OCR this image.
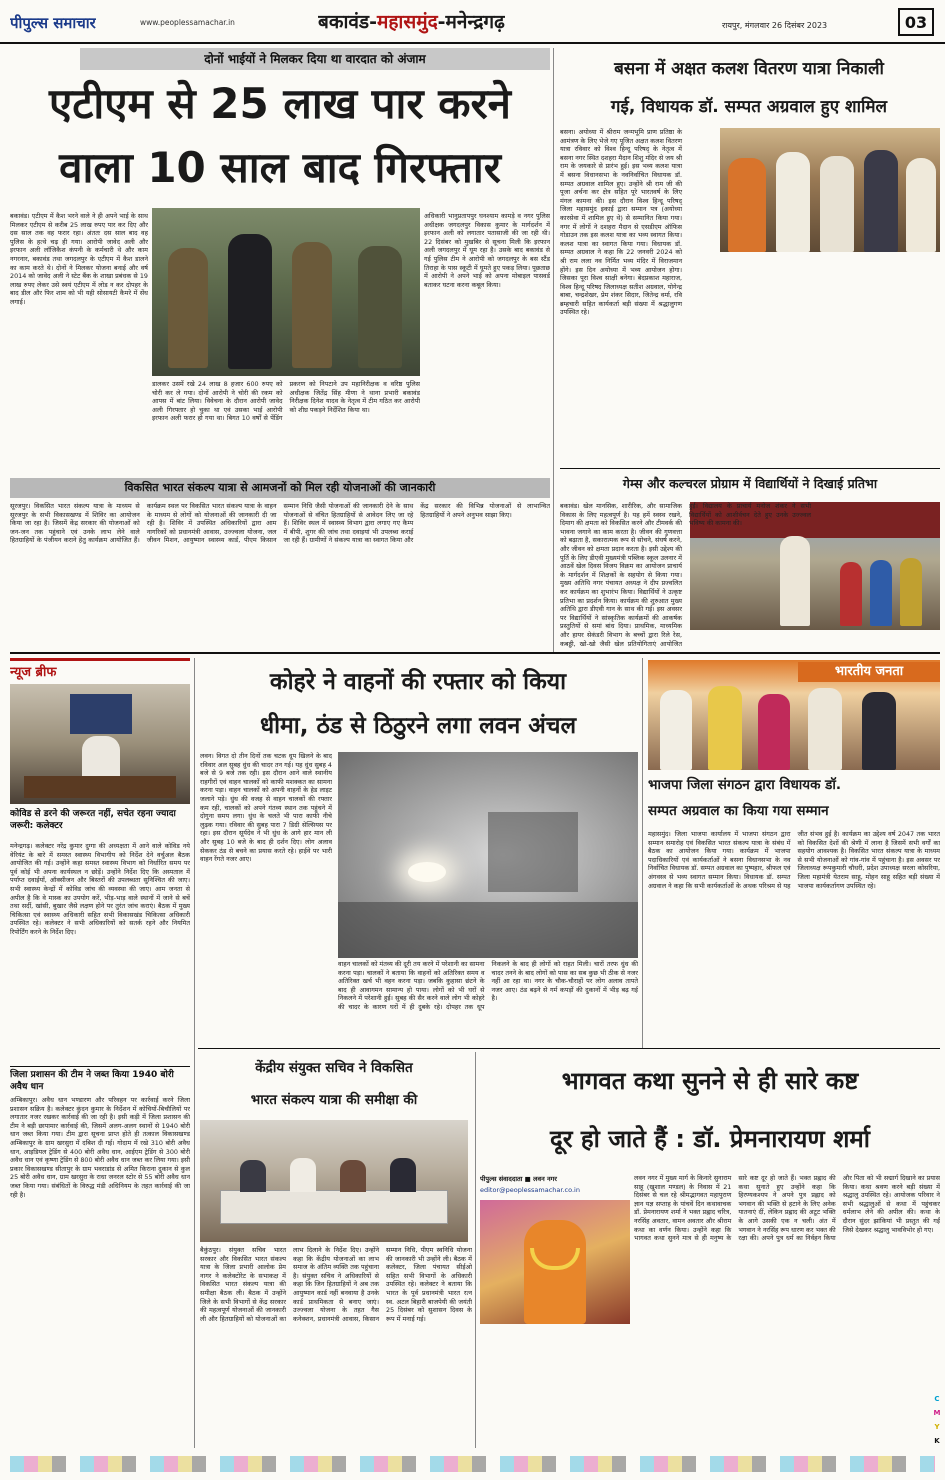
पीपुल्स समाचार	www.peoplessamachar.in	बकावंड-महासमुंद-मनेन्द्रगढ़	रायपुर, मंगलवार 26 दिसंबर 2023	03
दोनों भाईयों ने मिलकर दिया था वारदात को अंजाम
एटीएम से 25 लाख पार करने
वाला 10 साल बाद गिरफ्तार
बकावंड। एटीएम में कैश भरने वाले ने ही अपने भाई के साथ मिलकर एटीएम से करीब 25 लाख रुपए पार कर दिए और दस साल तक वह फरार रहा। अंततः दस साल बाद वह पुलिस के हत्थे चढ़ ही गया। आरोपी जावेद अली और इरफान अली लॉजिकैश कंपनी के कर्मचारी थे और काम नगरनार, बकावंड तथा जगदलपुर के एटीएम में कैश डालने का काम करते थे। दोनों ने मिलकर योजना बनाई और वर्ष 2014 को जावेद अली ने स्टेट बैंक के शाखा प्रबंधक से 19 लाख रुपए लेकर उसे स्वयं एटीएम में लोड न कर दोपहर के बाद डील और फिर शाम को भी यही सोसायटी कैमरे में सेंध लगाई।
डालकर उसमें रखे 24 लाख 8 हजार 600 रुपए को चोरी कर ले गया। दोनों आरोपी ने चोरी की रकम को आपस में बांट लिया। विवेचना के दौरान आरोपी जावेद अली गिरफ्तार हो चुका था एवं उसका भाई आरोपी इरफान अली फरार हो गया था। बिगत 10 वर्षों से पेंडिंग प्रकरण को निपटाने उप महानिरीक्षक व वरिष्ठ पुलिस अधीक्षक जितेंद्र सिंह मीणा ने थाना प्रभारी बकावंड निरीक्षक दिनेश यादव के नेतृत्व में टीम गठित कर आरोपी को शीघ्र पकड़ने निर्देशित किया था।
अधिकारी भानुप्रतापपुर घनश्याम कामड़े व नगर पुलिस अधीक्षक जगदलपुर विकास कुमार के मार्गदर्शन में इरफान अली को लगातार पतासाजी की जा रही थी। 22 दिसंबर को मुखबिर से सूचना मिली कि इरफान अली जगदलपुर में घूम रहा है। उसके बाद बकावंड से गई पुलिस टीम ने आरोपी को जगदलपुर के बस स्टैंड तिराहा के पास स्कूटी में घूमते हुए पकड़ लिया। पूछताछ में आरोपी ने अपने भाई को अपना मोबाइल पासवर्ड बताकर घटना करना कबूल किया।
विकसित भारत संकल्प यात्रा से आमजनों को मिल रही योजनाओं की जानकारी
सूरजपुर। विकसित भारत संकल्प यात्रा के माध्यम से सूरजपुर के सभी विकासखण्ड में शिविर का आयोजन किया जा रहा है। जिसमें केंद्र सरकार की योजनाओं को जन-जन तक पहुंचाने एवं उनके लाभ लेने वाले हितग्राहियों के पंजीयन कराने हेतु कार्यक्रम आयोजित हैं। कार्यक्रम स्थल पर विकसित भारत संकल्प यात्रा के वाहन के माध्यम से लोगों को योजनाओं की जानकारी दी जा रही है। शिविर में उपस्थित अधिकारियों द्वारा आम नागरिकों को प्रधानमंत्री आवास, उज्ज्वला योजना, जल जीवन मिशन, आयुष्मान स्वास्थ्य कार्ड, पीएम किसान सम्मान निधि जैसी योजनाओं की जानकारी देने के साथ योजनाओं से वंचित हितग्राहियों से आवेदन लिए जा रहे हैं। शिविर स्थल में स्वास्थ्य विभाग द्वारा लगाए गए कैम्प में बीपी, शुगर की जांच तथा दवाइयां भी उपलब्ध कराई जा रही हैं। ग्रामीणों ने संकल्प यात्रा का स्वागत किया और केंद्र सरकार की विभिन्न योजनाओं से लाभान्वित हितग्राहियों ने अपने अनुभव साझा किए।
बसना में अक्षत कलश वितरण यात्रा निकाली
गई, विधायक डॉ. सम्पत अग्रवाल हुए शामिल
बसना। अयोध्या में श्रीराम जन्मभूमि प्राण प्रतिष्ठा के आमंत्रण के लिए भेजे गए पूजित अक्षत कलश वितरण यात्रा रविवार को विश्व हिन्दू परिषद् के नेतृत्व में बसना नगर स्थित दशहरा मैदान शिशु मंदिर से जय श्री राम के जयकारे से प्रारंभ हुई। इस भव्य कलश यात्रा में बसना विधानसभा के नवनिर्वाचित विधायक डॉ. सम्पत अग्रवाल शामिल हुए। उन्होंने श्री राम जी की पूजा अर्चना कर क्षेत्र सहित पूरे भारतवर्ष के लिए मंगल कामना की। इस दौरान विश्व हिन्दू परिषद् जिला महासमुंद इकाई द्वारा सम्मान पत्र (अयोध्या कारसेवा में शामिल हुए थे) से सम्मानित किया गया। नगर में लोगों ने दशहरा मैदान से एसडीएम ऑफिस गोडाउन तक इस कलश यात्रा का भव्य स्वागत किया। कलश यात्रा का स्वागत किया गया। विधायक डॉ. सम्पत अग्रवाल ने कहा कि 22 जनवरी 2024 को श्री राम लला नव निर्मित भव्य मंदिर में विराजमान होंगे। इस दिन अयोध्या में भव्य आयोजन होगा। जिसका पूरा विश्व साक्षी बनेगा। बेदप्रकाश महाराज, विश्व हिन्दू परिषद जिलाध्यक्ष सतीश अग्रवाल, योगेन्द्र बाबा, चन्द्रशेखर, प्रेम शंकर सिदार, जितेन्द्र वर्मा, रवि ब्रम्हचारी सहित कार्यकर्ता बड़ी संख्या में श्रद्धालुगण उपस्थित रहे।
गेम्स और कल्चरल प्रोग्राम में विद्यार्थियों ने दिखाई प्रतिभा
बकावंड। खेल मानसिक, शारीरिक, और सामाजिक विकास के लिए महत्वपूर्ण है। यह हमें स्वस्थ रखने, दिमाग की क्षमता को विकसित करने और टीमवर्क की भावना जगाने का काम करता है। जीवन की गुणवत्ता को बढ़ाता है, सकारात्मक रूप से सोचने, संघर्ष करने, और जीवन को क्षमता प्रदान करता है। इसी उद्देश्य की पूर्ति के लिए डीएवी मुख्यमंत्री पब्लिक स्कूल उलनार में आठवें खेल दिवस विजय विक्रम का आयोजन प्राचार्य के मार्गदर्शन में शिक्षकों के सहयोग से किया गया। मुख्य अतिथि नगर पंचायत अध्यक्ष ने दीप प्रज्वलित कर कार्यक्रम का शुभारंभ किया। विद्यार्थियों ने उत्कृष्ट प्रतिभा का प्रदर्शन किया। कार्यक्रम की शुरुआत मुख्य अतिथि द्वारा डीएवी गान के साथ की गई। इस अवसर पर विद्यार्थियों ने सांस्कृतिक कार्यक्रमों की आकर्षक प्रस्तुतियों से समां बांध दिया। प्राथमिक, माध्यमिक और हायर सेकंडरी विभाग के बच्चों द्वारा रिले रेस, कबड्डी, खो-खो जैसी खेल प्रतियोगिताएं आयोजित हुईं। विद्यालय के प्राचार्य मनोज शंकर ने सभी विद्यार्थियों को आशीर्वचन देते हुए उनके उज्ज्वल भविष्य की कामना की।
न्यूज ब्रीफ
कोविड से डरने की जरूरत नहीं, सचेत रहना ज्यादा जरूरी: कलेक्टर
मनेन्द्रगढ़। कलेक्टर नरेंद्र कुमार दुग्गा की अध्यक्षता में आने वाले कोविड नये वेरियंट के बारे में समस्त स्वास्थ्य विभागीय को निर्देश देने वर्चुअल बैठक आयोजित की गई। उन्होंने कहा समस्त स्वास्थ्य विभाग को निर्धारित समय पर पूर्व कोई भी अपना कार्यस्थल न छोड़ें। उन्होंने निर्देश दिए कि अस्पताल में पर्याप्त दवाईयाँ, ऑक्सीजन और बिस्तरों की उपलब्धता सुनिश्चित की जाए। सभी स्वास्थ्य केन्द्रों में कोविड जांच की व्यवस्था की जाए। आम जनता से अपील है कि वे मास्क का उपयोग करें, भीड़-भाड़ वाले स्थानों में जाने से बचें तथा सर्दी, खांसी, बुखार जैसे लक्षण होने पर तुरंत जांच कराएं। बैठक में मुख्य चिकित्सा एवं स्वास्थ्य अधिकारी सहित सभी विकासखंड चिकित्सा अधिकारी उपस्थित रहे। कलेक्टर ने सभी अधिकारियों को सतर्क रहने और नियमित रिपोर्टिंग करने के निर्देश दिए।
जिला प्रशासन की टीम ने जब्त किया 1940 बोरी अवैध धान
अम्बिकापुर। अवैध धान भण्डारण और परिवहन पर कार्रवाई करने जिला प्रशासन सक्रिय है। कलेक्टर कुंदन कुमार के निर्देशन में कोचियों-बिचौलियों पर लगातार नजर रखकर कार्रवाई की जा रही है। इसी कड़ी में जिला प्रशासन की टीम ने बड़ी छापामार कार्रवाई की, जिसमें अलग-अलग स्थानों से 1940 बोरी धान जब्त किया गया। टीम द्वारा सूचना प्राप्त होते ही तत्काल विकासखण्ड अम्बिकापुर के ग्राम खरसुरा में दबिश दी गई। गोदाम में रखे 310 बोरी अवैध धान, आइडियल ट्रेडिंग से 400 बोरी अवैध धान, आईएम ट्रेडिंग से 300 बोरी अवैध धान एवं कृष्णा ट्रेडिंग से 800 बोरी अवैध धान जब्त कर लिया गया। इसी प्रकार विकासखण्ड सीतापुर के ग्राम भवराडांड से अमित किराना दुकान से कुल 25 बोरी अवैध धान, ग्राम खरसुरा के राधा जनरल स्टोर से 55 बोरी अवैध धान जब्त किया गया। संबंधितों के विरुद्ध मंडी अधिनियम के तहत कार्रवाई की जा रही है।
कोहरे ने वाहनों की रफ्तार को किया
धीमा, ठंड से ठिठुरने लगा लवन अंचल
लवन। विगत दो तीन दिनों तक चटक धूप खिलने के बाद रविवार अल सुबह धुंध की चादर तन गई। यह धुंध सुबह 4 बजे से 9 बजे तक रही। इस दौरान आने वाले स्थानीय राहगीरों एवं वाहन चालकों को काफी मशक्कत का सामना करना पड़ा। वाहन चालकों को अपनी वाहनों के हेड लाइट जलाने पड़े। धुंध की वजह से वाहन चालकों की रफ्तार कम रही, चालकों को अपने गंतव्य स्थान तक पहुंचने में दोगुना समय लगा। धुंध के चलते भी पारा काफी नीचे लुढ़क गया। रविवार की सुबह पारा 7 डिग्री सेल्सियस पर रहा। इस दौरान सूर्यदेव ने भी धुंध के आगे हार मान ली और सुबह 10 बजे के बाद ही दर्शन दिए। लोग अलाव सेककर ठंड से बचने का प्रयास करते रहे। हाईवे पर भारी वाहन रेंगते नजर आए।
वाहन चालकों को मंतव्य की दूरी तय करने में परेशानी का सामना करना पड़ा। चालकों ने बताया कि वाहनों को अतिरिक्त समय व अतिरिक्त खर्च भी वहन करना पड़ा। जबकि कुहासा छंटने के बाद ही आवागमन सामान्य हो पाया। लोगों को भी घरों से निकलने में परेशानी हुई। सुबह की सैर करने वाले लोग भी कोहरे की चादर के कारण घरों में ही दुबके रहे। दोपहर तक धूप निकलने के बाद ही लोगों को राहत मिली। चारों तरफ धुंध की चादर तनने के बाद लोगों को पास का सब कुछ भी ठीक से नजर नहीं आ रहा था। नगर के चौक-चौराहों पर लोग अलाव तापते नजर आए। ठंड बढ़ने से गर्म कपड़ों की दुकानों में भीड़ बढ़ गई है।
भारतीय जनता
भाजपा जिला संगठन द्वारा विधायक डॉ.
सम्पत अग्रवाल का किया गया सम्मान
महासमुंद। जिला भाजपा कार्यालय में भाजपा संगठन द्वारा सम्मान समारोह एवं विकसित भारत संकल्प यात्रा के संबंध में बैठक का आयोजन किया गया। कार्यक्रम में भाजपा पदाधिकारियों एवं कार्यकर्ताओं ने बसना विधानसभा के नव निर्वाचित विधायक डॉ. सम्पत अग्रवाल का पुष्पहार, श्रीफल एवं अंगवस्त्र से भव्य स्वागत सम्मान किया। विधायक डॉ. सम्पत अग्रवाल ने कहा कि सभी कार्यकर्ताओं के अथक परिश्रम से यह जीत संभव हुई है। कार्यक्रम का उद्देश्य वर्ष 2047 तक भारत को विकसित देशों की श्रेणी में लाना है जिसमें सभी वर्गों का सहयोग आवश्यक है। विकसित भारत संकल्प यात्रा के माध्यम से सभी योजनाओं को गांव-गांव में पहुंचाना है। इस अवसर पर जिलाध्यक्ष रूपकुमारी चौधरी, प्रदेश उपाध्यक्ष सरला कोसरिया, जिला महामंत्री येतराम साहू, मोहन साहू सहित बड़ी संख्या में भाजपा कार्यकर्तागण उपस्थित रहे।
केंद्रीय संयुक्त सचिव ने विकसित
भारत संकल्प यात्रा की समीक्षा की
बैकुंठपुर। संयुक्त सचिव भारत सरकार और विकसित भारत संकल्प यात्रा के जिला प्रभारी आलोक प्रेम नागर ने कलेक्टोरेट के सभाकक्ष में विकसित भारत संकल्प यात्रा की समीक्षा बैठक ली। बैठक में उन्होंने जिले के सभी विभागों से केंद्र सरकार की महत्वपूर्ण योजनाओं की जानकारी ली और हितग्राहियों को योजनाओं का लाभ दिलाने के निर्देश दिए। उन्होंने कहा कि केंद्रीय योजनाओं का लाभ समाज के अंतिम व्यक्ति तक पहुंचाना है। संयुक्त सचिव ने अधिकारियों से कहा कि जिन हितग्राहियों ने अब तक आयुष्मान कार्ड नहीं बनवाया है उनके कार्ड प्राथमिकता से बनाए जाएं। उज्ज्वला योजना के तहत गैस कनेक्शन, प्रधानमंत्री आवास, किसान सम्मान निधि, पीएम स्वनिधि योजना की जानकारी भी उन्होंने ली। बैठक में कलेक्टर, जिला पंचायत सीईओ सहित सभी विभागों के अधिकारी उपस्थित रहे। कलेक्टर ने बताया कि भारत के पूर्व प्रधानमंत्री भारत रत्न स्व. अटल बिहारी बाजपेयी की जयंती 25 दिसंबर को सुशासन दिवस के रूप में मनाई गई।
भागवत कथा सुनने से ही सारे कष्ट
दूर हो जाते हैं : डॉ. प्रेमनारायण शर्मा
पीपुल्स संवाददाता ■ लवन नगर
editor@peoplessamachar.co.in
लवन नगर में मुख्य मार्ग के किनारे सुनाराम साहू (खुशाल मण्डल) के निवास में 21 दिसंबर से चल रहे श्रीमद्भागवत महापुराण ज्ञान यज्ञ सप्ताह के पांचवें दिन कथावाचक डॉ. प्रेमनारायण शर्मा ने भक्त प्रह्लाद चरित्र, नरसिंह अवतार, वामन अवतार और श्रीराम कथा का वर्णन किया। उन्होंने कहा कि भागवत कथा सुनने मात्र से ही मनुष्य के सारे कष्ट दूर हो जाते हैं। भक्त प्रह्लाद की कथा सुनाते हुए उन्होंने कहा कि हिरण्यकश्यप ने अपने पुत्र प्रह्लाद को भगवान की भक्ति से हटाने के लिए अनेक यातनाएं दीं, लेकिन प्रह्लाद की अटूट भक्ति के आगे उसकी एक न चली। अंत में भगवान ने नरसिंह रूप धारण कर भक्त की रक्षा की। अपने पुत्र धर्म का निर्वहन किया और पिता को भी सद्मार्ग दिखाने का प्रयास किया। कथा श्रवण करने बड़ी संख्या में श्रद्धालु उपस्थित रहे। आयोजक परिवार ने सभी श्रद्धालुओं से कथा में पहुंचकर धर्मलाभ लेने की अपील की। कथा के दौरान सुंदर झांकियां भी प्रस्तुत की गईं जिसे देखकर श्रद्धालु भावविभोर हो गए।
C
M
Y
K
